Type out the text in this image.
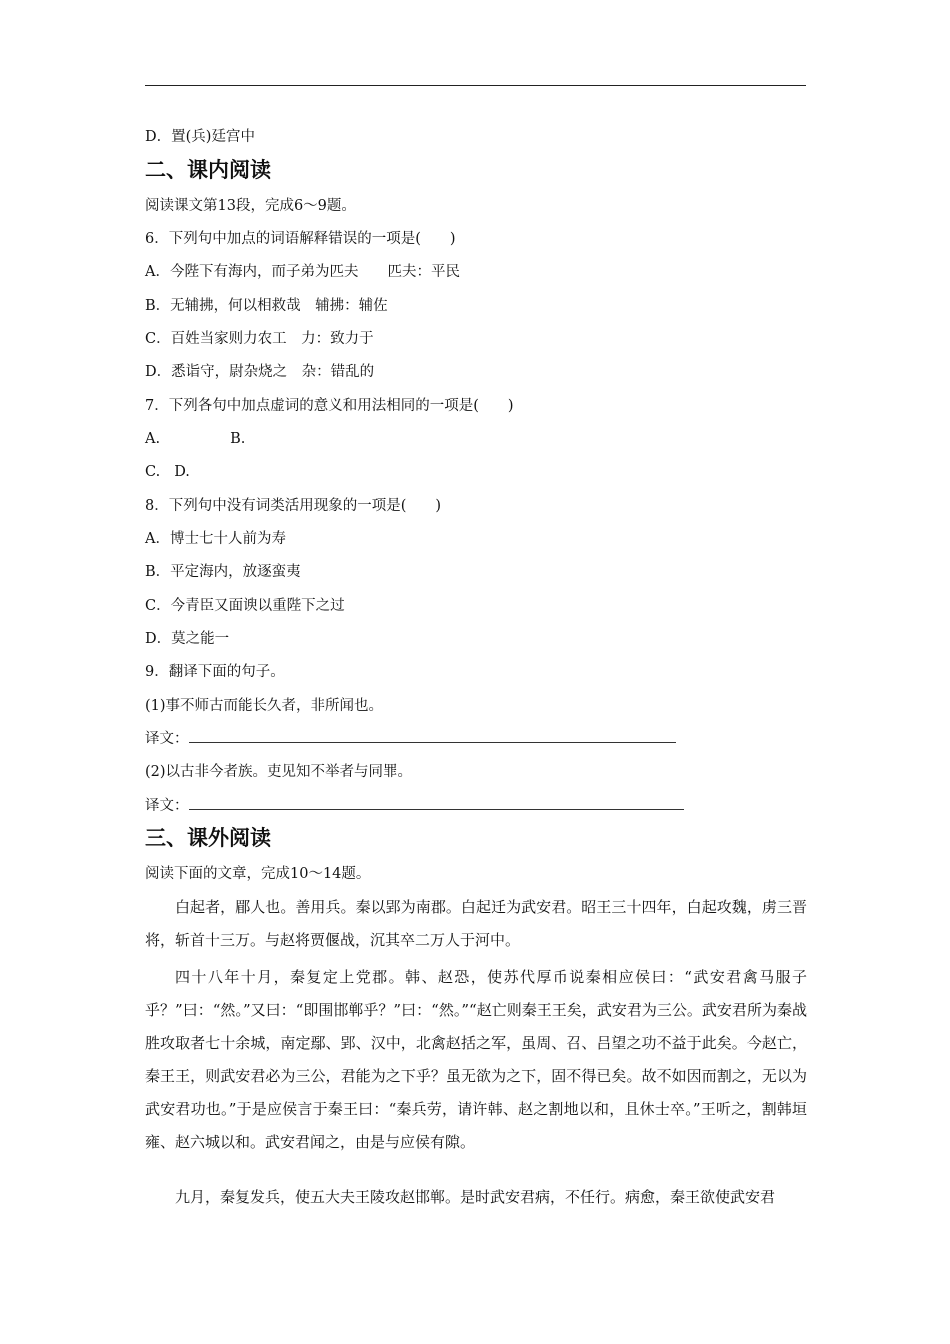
D．置(兵)廷宫中
二、课内阅读
阅读课文第13段，完成6～9题。
6．下列句中加点的词语解释错误的一项是(　　)
A．今陛下有海内，而子弟为匹夫　　匹夫：平民
B．无辅拂，何以相救哉　辅拂：辅佐
C．百姓当家则力农工　力：致力于
D．悉诣守，尉杂烧之　杂：错乱的
7．下列各句中加点虚词的意义和用法相同的一项是(　　)
A.	B.
C. D.
8．下列句中没有词类活用现象的一项是(　　)
A．博士七十人前为寿
B．平定海内，放逐蛮夷
C．今青臣又面谀以重陛下之过
D．莫之能一
9．翻译下面的句子。
(1)事不师古而能长久者，非所闻也。
译文：
(2)以古非今者族。吏见知不举者与同罪。
译文：
三、课外阅读
阅读下面的文章，完成10～14题。

白起者，郿人也。善用兵。秦以郢为南郡。白起迁为武安君。昭王三十四年，白起攻魏，虏三晋将，斩首十三万。与赵将贾偃战，沉其卒二万人于河中。

四十八年十月，秦复定上党郡。韩、赵恐，使苏代厚币说秦相应侯曰：“武安君禽马服子乎？”曰：“然。”又曰：“即围邯郸乎？”曰：“然。”“赵亡则秦王王矣，武安君为三公。武安君所为秦战胜攻取者七十余城，南定鄢、郢、汉中，北禽赵括之军，虽周、召、吕望之功不益于此矣。今赵亡，秦王王，则武安君必为三公，君能为之下乎？虽无欲为之下，固不得已矣。故不如因而割之，无以为武安君功也。”于是应侯言于秦王曰：“秦兵劳，请许韩、赵之割地以和，且休士卒。”王听之，割韩垣雍、赵六城以和。武安君闻之，由是与应侯有隙。

九月，秦复发兵，使五大夫王陵攻赵邯郸。是时武安君病，不任行。病愈，秦王欲使武安君
